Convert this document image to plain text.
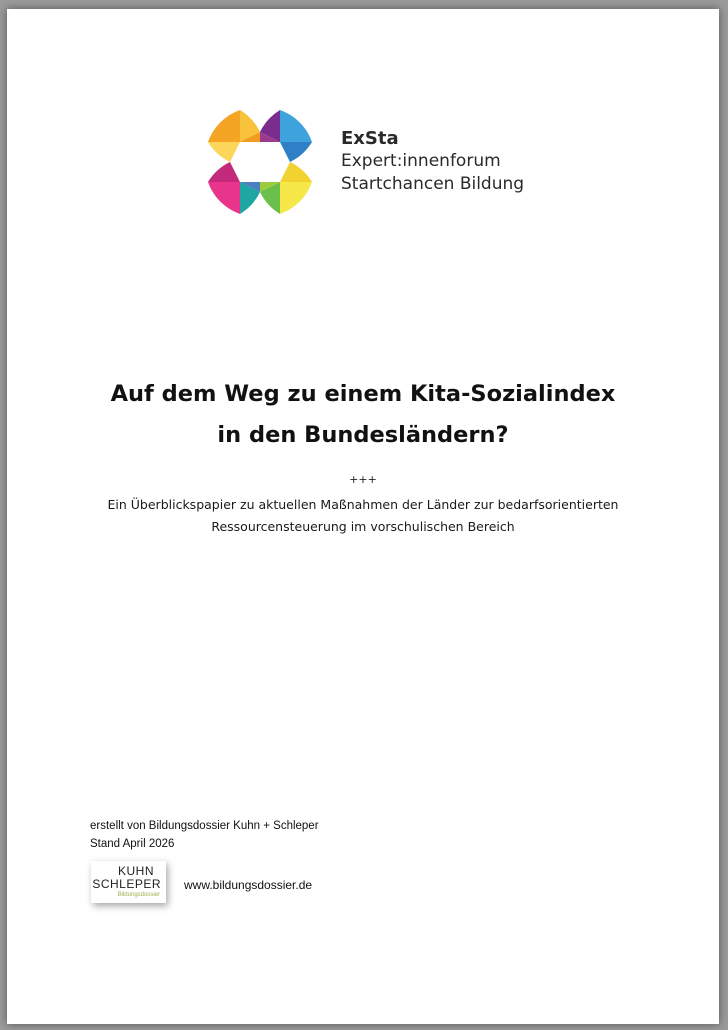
ExSta
Expert:innenforum
Startchancen Bildung
Auf dem Weg zu einem Kita-Sozialindex
in den Bundesländern?
+++
Ein Überblickspapier zu aktuellen Maßnahmen der Länder zur bedarfsorientierten
Ressourcensteuerung im vorschulischen Bereich
erstellt von Bildungsdossier Kuhn + Schleper
Stand April 2026
KUHN
SCHLEPER
Bildungsdossier
www.bildungsdossier.de
